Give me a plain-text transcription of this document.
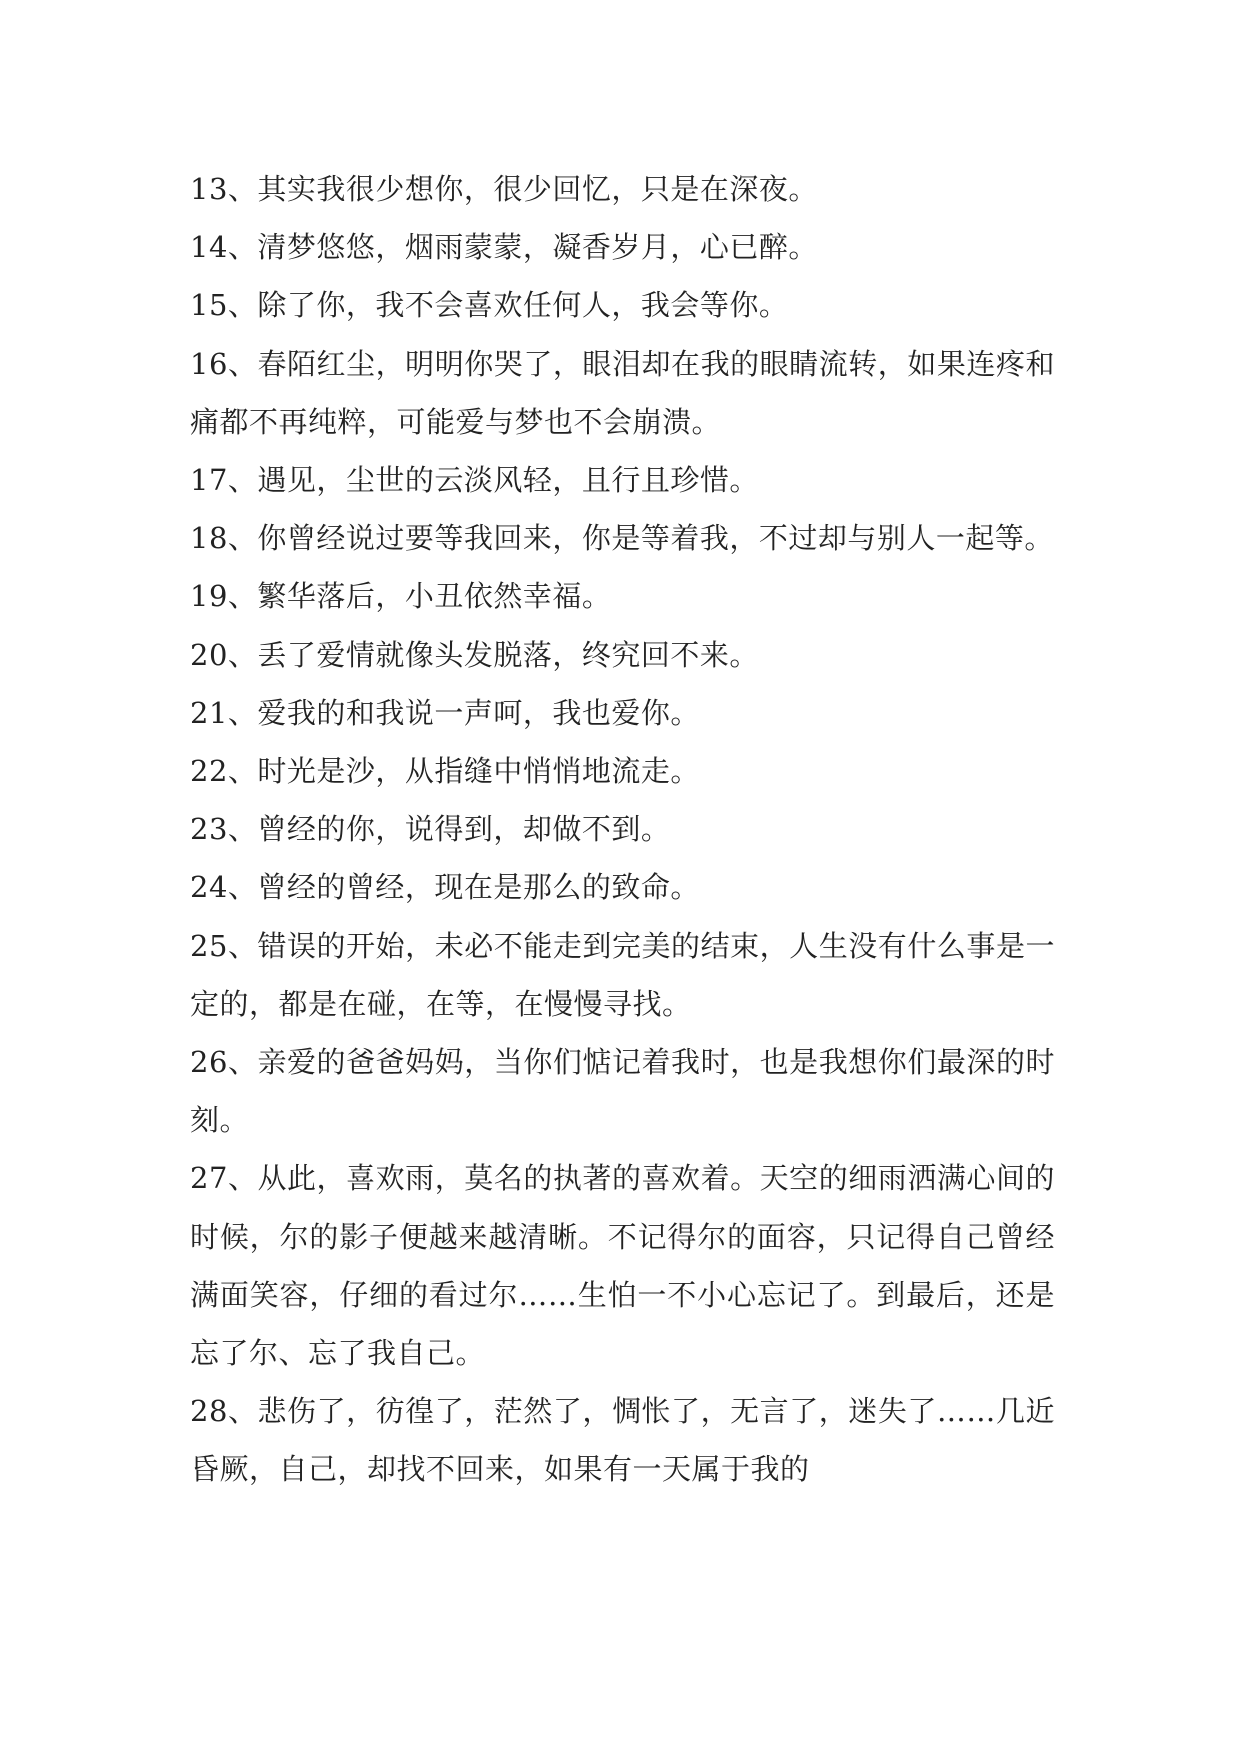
13、其实我很少想你，很少回忆，只是在深夜。

14、清梦悠悠，烟雨蒙蒙，凝香岁月，心已醉。

15、除了你，我不会喜欢任何人，我会等你。

16、春陌红尘，明明你哭了，眼泪却在我的眼睛流转，如果连疼和痛都不再纯粹，可能爱与梦也不会崩溃。

17、遇见，尘世的云淡风轻，且行且珍惜。

18、你曾经说过要等我回来，你是等着我，不过却与别人一起等。

19、繁华落后，小丑依然幸福。

20、丢了爱情就像头发脱落，终究回不来。

21、爱我的和我说一声呵，我也爱你。

22、时光是沙，从指缝中悄悄地流走。

23、曾经的你，说得到，却做不到。

24、曾经的曾经，现在是那么的致命。

25、错误的开始，未必不能走到完美的结束，人生没有什么事是一定的，都是在碰，在等，在慢慢寻找。

26、亲爱的爸爸妈妈，当你们惦记着我时，也是我想你们最深的时刻。

27、从此，喜欢雨，莫名的执著的喜欢着。天空的细雨洒满心间的时候，尔的影子便越来越清晰。不记得尔的面容，只记得自己曾经满面笑容，仔细的看过尔……生怕一不小心忘记了。到最后，还是忘了尔、忘了我自己。

28、悲伤了，彷徨了，茫然了，惆怅了，无言了，迷失了……几近昏厥，自己，却找不回来，如果有一天属于我的
